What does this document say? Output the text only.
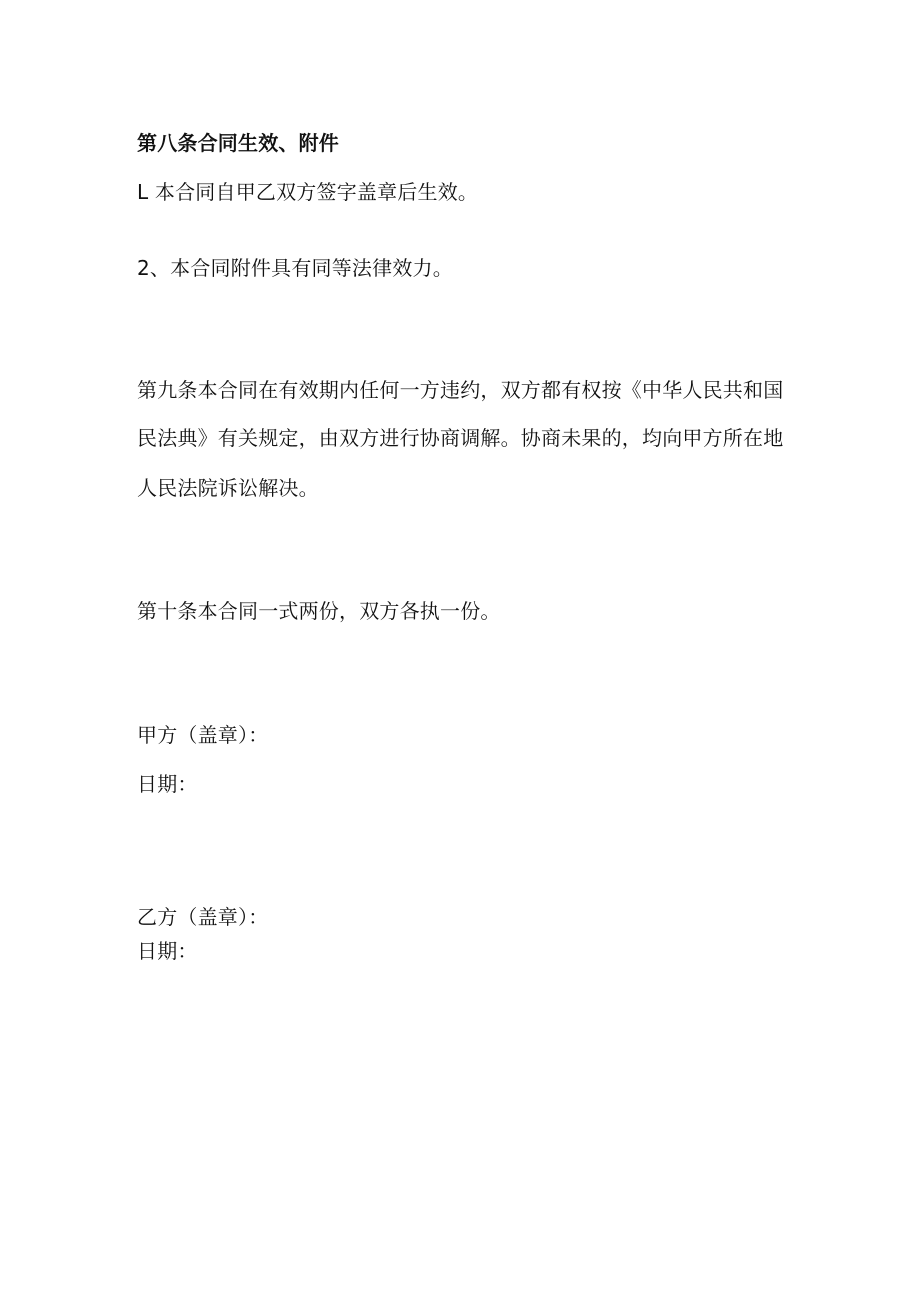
第八条合同生效、附件
L 本合同自甲乙双方签字盖章后生效。
2、本合同附件具有同等法律效力。
第九条本合同在有效期内任何一方违约，双方都有权按《中华人民共和国
民法典》有关规定，由双方进行协商调解。协商未果的，均向甲方所在地
人民法院诉讼解决。
第十条本合同一式两份，双方各执一份。
甲方（盖章）：
日期：
乙方（盖章）：
日期：
